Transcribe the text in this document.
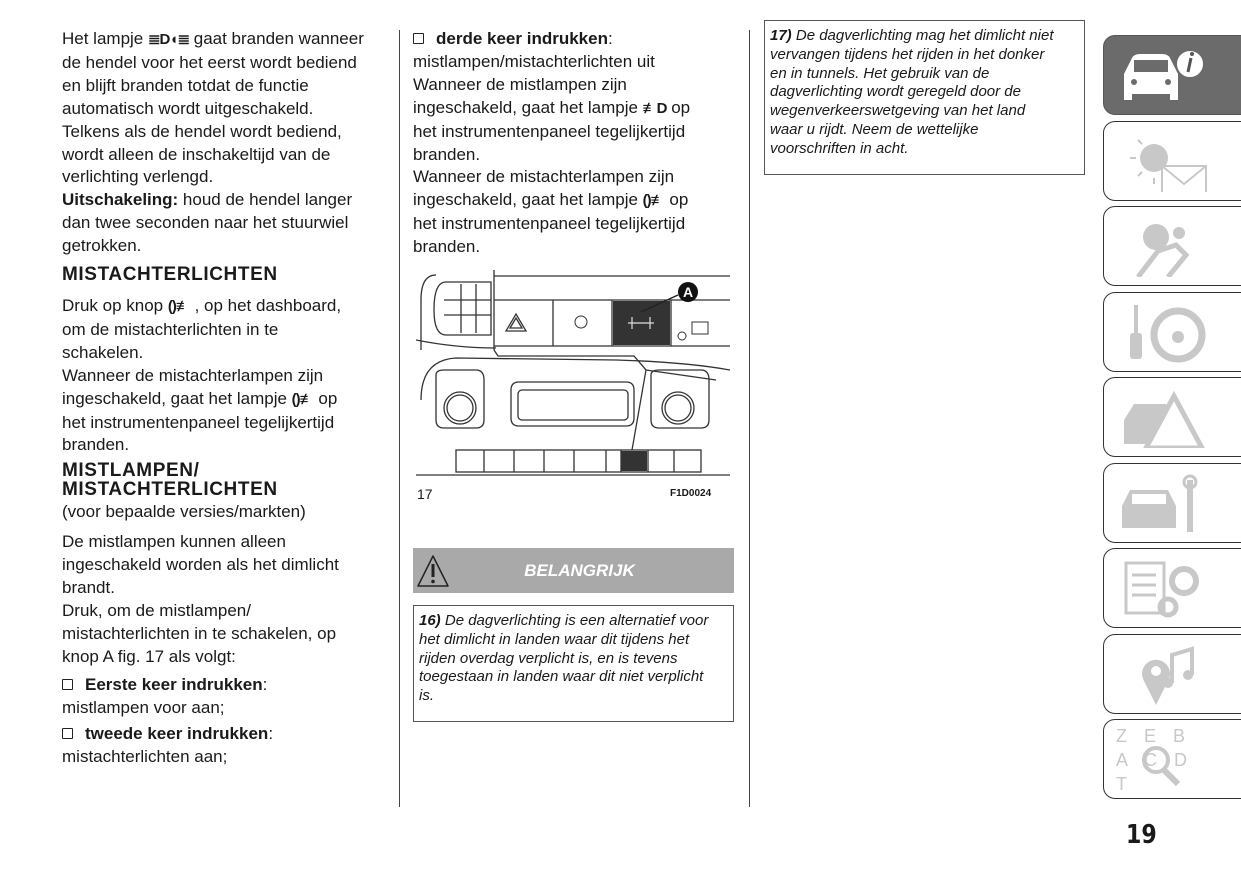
Het lampje ≣D◖≣ gaat branden wanneer
de hendel voor het eerst wordt bediend
en blijft branden totdat de functie
automatisch wordt uitgeschakeld.
Telkens als de hendel wordt bediend,
wordt alleen de inschakeltijd van de
verlichting verlengd.
Uitschakeling: houd de hendel langer
dan twee seconden naar het stuurwiel
getrokken.
MISTACHTERLICHTEN
Druk op knop ()≢ , op het dashboard,
om de mistachterlichten in te
schakelen.
Wanneer de mistachterlampen zijn
ingeschakeld, gaat het lampje ()≢ op
het instrumentenpaneel tegelijkertijd
branden.
MISTLAMPEN/
MISTACHTERLICHTEN
(voor bepaalde versies/markten)
De mistlampen kunnen alleen
ingeschakeld worden als het dimlicht
brandt.
Druk, om de mistlampen/
mistachterlichten in te schakelen, op
knop A fig. 17 als volgt:
Eerste keer indrukken:
mistlampen voor aan;
tweede keer indrukken:
mistachterlichten aan;
derde keer indrukken:
mistlampen/mistachterlichten uit
Wanneer de mistlampen zijn
ingeschakeld, gaat het lampje ≢D op
het instrumentenpaneel tegelijkertijd
branden.
Wanneer de mistachterlampen zijn
ingeschakeld, gaat het lampje ()≢ op
het instrumentenpaneel tegelijkertijd
branden.
A
17	F1D0024
BELANGRIJK
16) De dagverlichting is een alternatief voor
het dimlicht in landen waar dit tijdens het
rijden overdag verplicht is, en is tevens
toegestaan in landen waar dit niet verplicht
is.
17) De dagverlichting mag het dimlicht niet
vervangen tijdens het rijden in het donker
en in tunnels. Het gebruik van de
dagverlichting wordt geregeld door de
wegenverkeerswetgeving van het land
waar u rijdt. Neem de wettelijke
voorschriften in acht.
Z E B A C D T
19
